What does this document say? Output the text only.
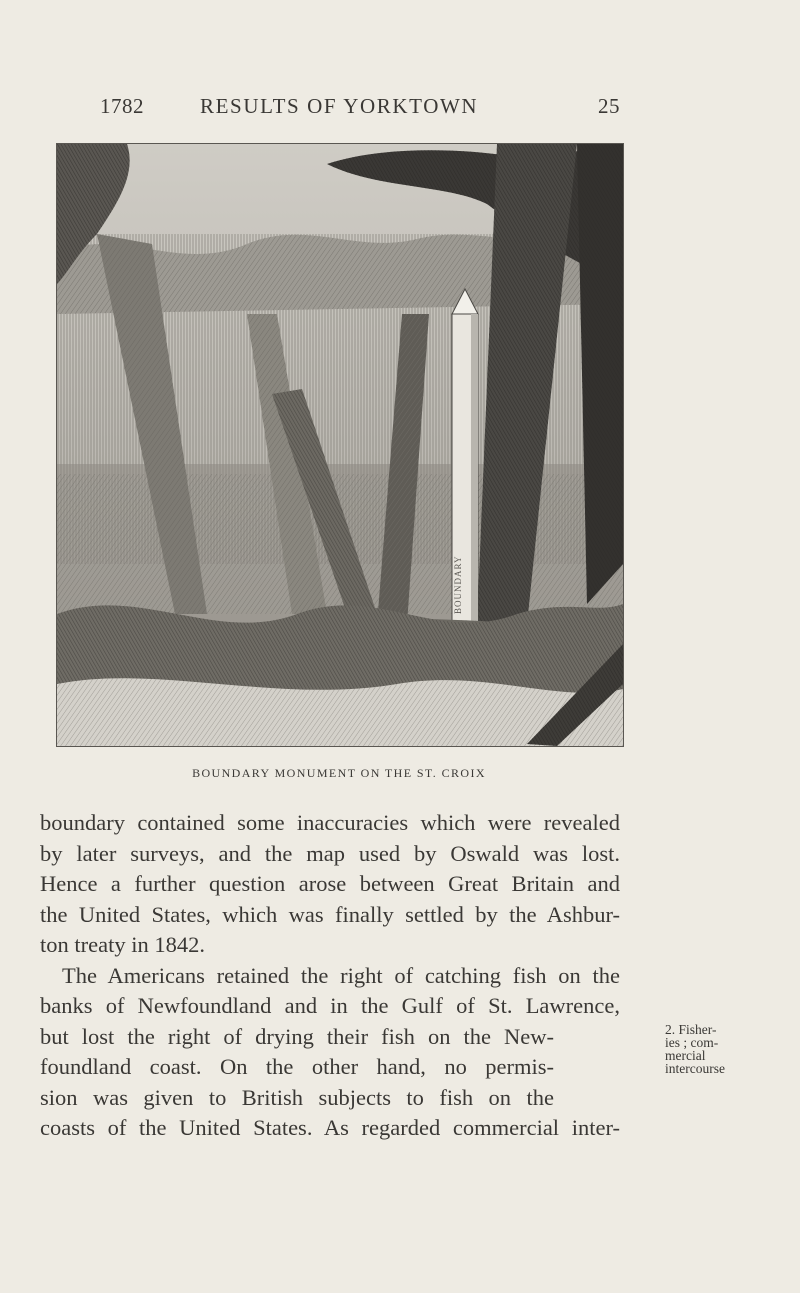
1782	RESULTS OF YORKTOWN	25
BOUNDARY
BOUNDARY MONUMENT ON THE ST. CROIX
boundary contained some inaccuracies which were revealed
by later surveys, and the map used by Oswald was lost.
Hence a further question arose between Great Britain and
the United States, which was finally settled by the Ashbur-
ton treaty in 1842.
The Americans retained the right of catching fish on the
banks of Newfoundland and in the Gulf of St. Lawrence,
but lost the right of drying their fish on the New-
foundland coast. On the other hand, no permis-
sion was given to British subjects to fish on the
coasts of the United States. As regarded commercial inter-
2. Fisher-
ies ; com-
mercial
intercourse
